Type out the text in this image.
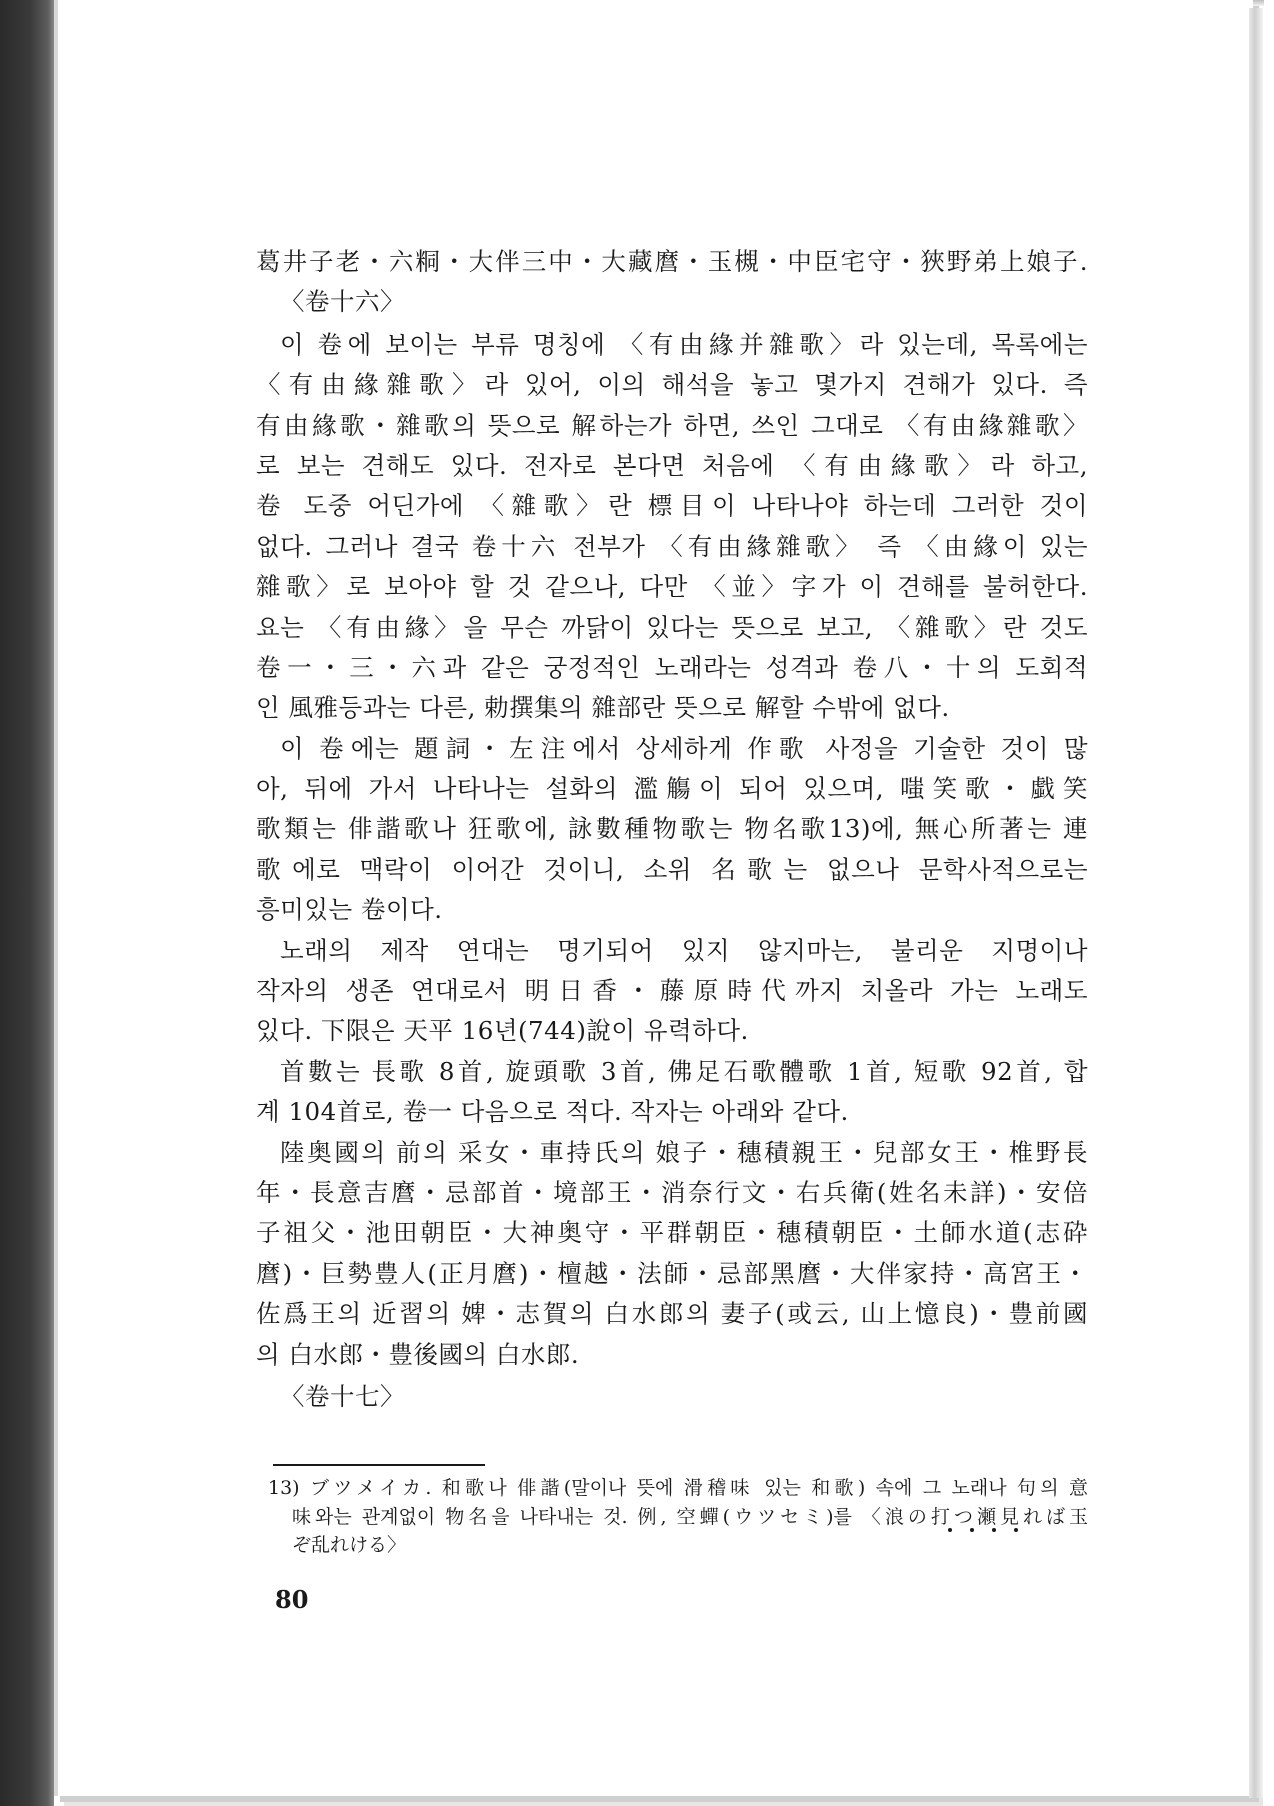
葛井子老・六粡・大伴三中・大藏麿・玉槻・中臣宅守・狹野弟上娘子.
〈卷十六〉
이 卷에 보이는 부류 명칭에 〈有由緣并雜歌〉라 있는데, 목록에는
〈有由緣雜歌〉라 있어, 이의 해석을 놓고 몇가지 견해가 있다. 즉
有由緣歌・雜歌의 뜻으로 解하는가 하면, 쓰인 그대로 〈有由緣雜歌〉
로 보는 견해도 있다. 전자로 본다면 처음에 〈有由緣歌〉라 하고,
卷 도중 어딘가에 〈雜歌〉란 標目이 나타나야 하는데 그러한 것이
없다. 그러나 결국 卷十六 전부가 〈有由緣雜歌〉 즉 〈由緣이 있는
雜歌〉로 보아야 할 것 같으나, 다만 〈並〉字가 이 견해를 불허한다.
요는 〈有由緣〉을 무슨 까닭이 있다는 뜻으로 보고, 〈雜歌〉란 것도
卷一・三・六과 같은 궁정적인 노래라는 성격과 卷八・十의 도회적
인 風雅등과는 다른, 勅撰集의 雜部란 뜻으로 解할 수밖에 없다.
이 卷에는 題詞・左注에서 상세하게 作歌 사정을 기술한 것이 많
아, 뒤에 가서 나타나는 설화의 濫觴이 되어 있으며, 嗤笑歌・戱笑
歌類는 俳諧歌나 狂歌에, 詠數種物歌는 物名歌13)에, 無心所著는 連
歌에로 맥락이 이어간 것이니, 소위 名歌는 없으나 문학사적으로는
흥미있는 卷이다.
노래의 제작 연대는 명기되어 있지 않지마는, 불리운 지명이나
작자의 생존 연대로서 明日香・藤原時代까지 치올라 가는 노래도
있다. 下限은 天平 16년(744)說이 유력하다.
首數는 長歌 8首, 旋頭歌 3首, 佛足石歌體歌 1首, 短歌 92首, 합
계 104首로, 卷一 다음으로 적다. 작자는 아래와 같다.
陸奥國의 前의 采女・車持氏의 娘子・穗積親王・兒部女王・椎野長
年・長意吉麿・忌部首・境部王・消奈行文・右兵衛(姓名未詳)・安倍
子祖父・池田朝臣・大神奥守・平群朝臣・穗積朝臣・土師水道(志砕
麿)・巨勢豊人(正月麿)・檀越・法師・忌部黑麿・大伴家持・高宮王・
佐爲王의 近習의 婢・志賀의 白水郎의 妻子(或云, 山上憶良)・豊前國
의 白水郎・豊後國의 白水郎.
〈卷十七〉
13) ブツメイカ. 和歌나 俳諧(말이나 뜻에 滑稽味 있는 和歌) 속에 그 노래나 句의 意
味와는 관계없이 物名을 나타내는 것. 例, 空蟬(ウツセミ)를 〈浪の打つ瀬見れば玉
ぞ乱れける〉
80
